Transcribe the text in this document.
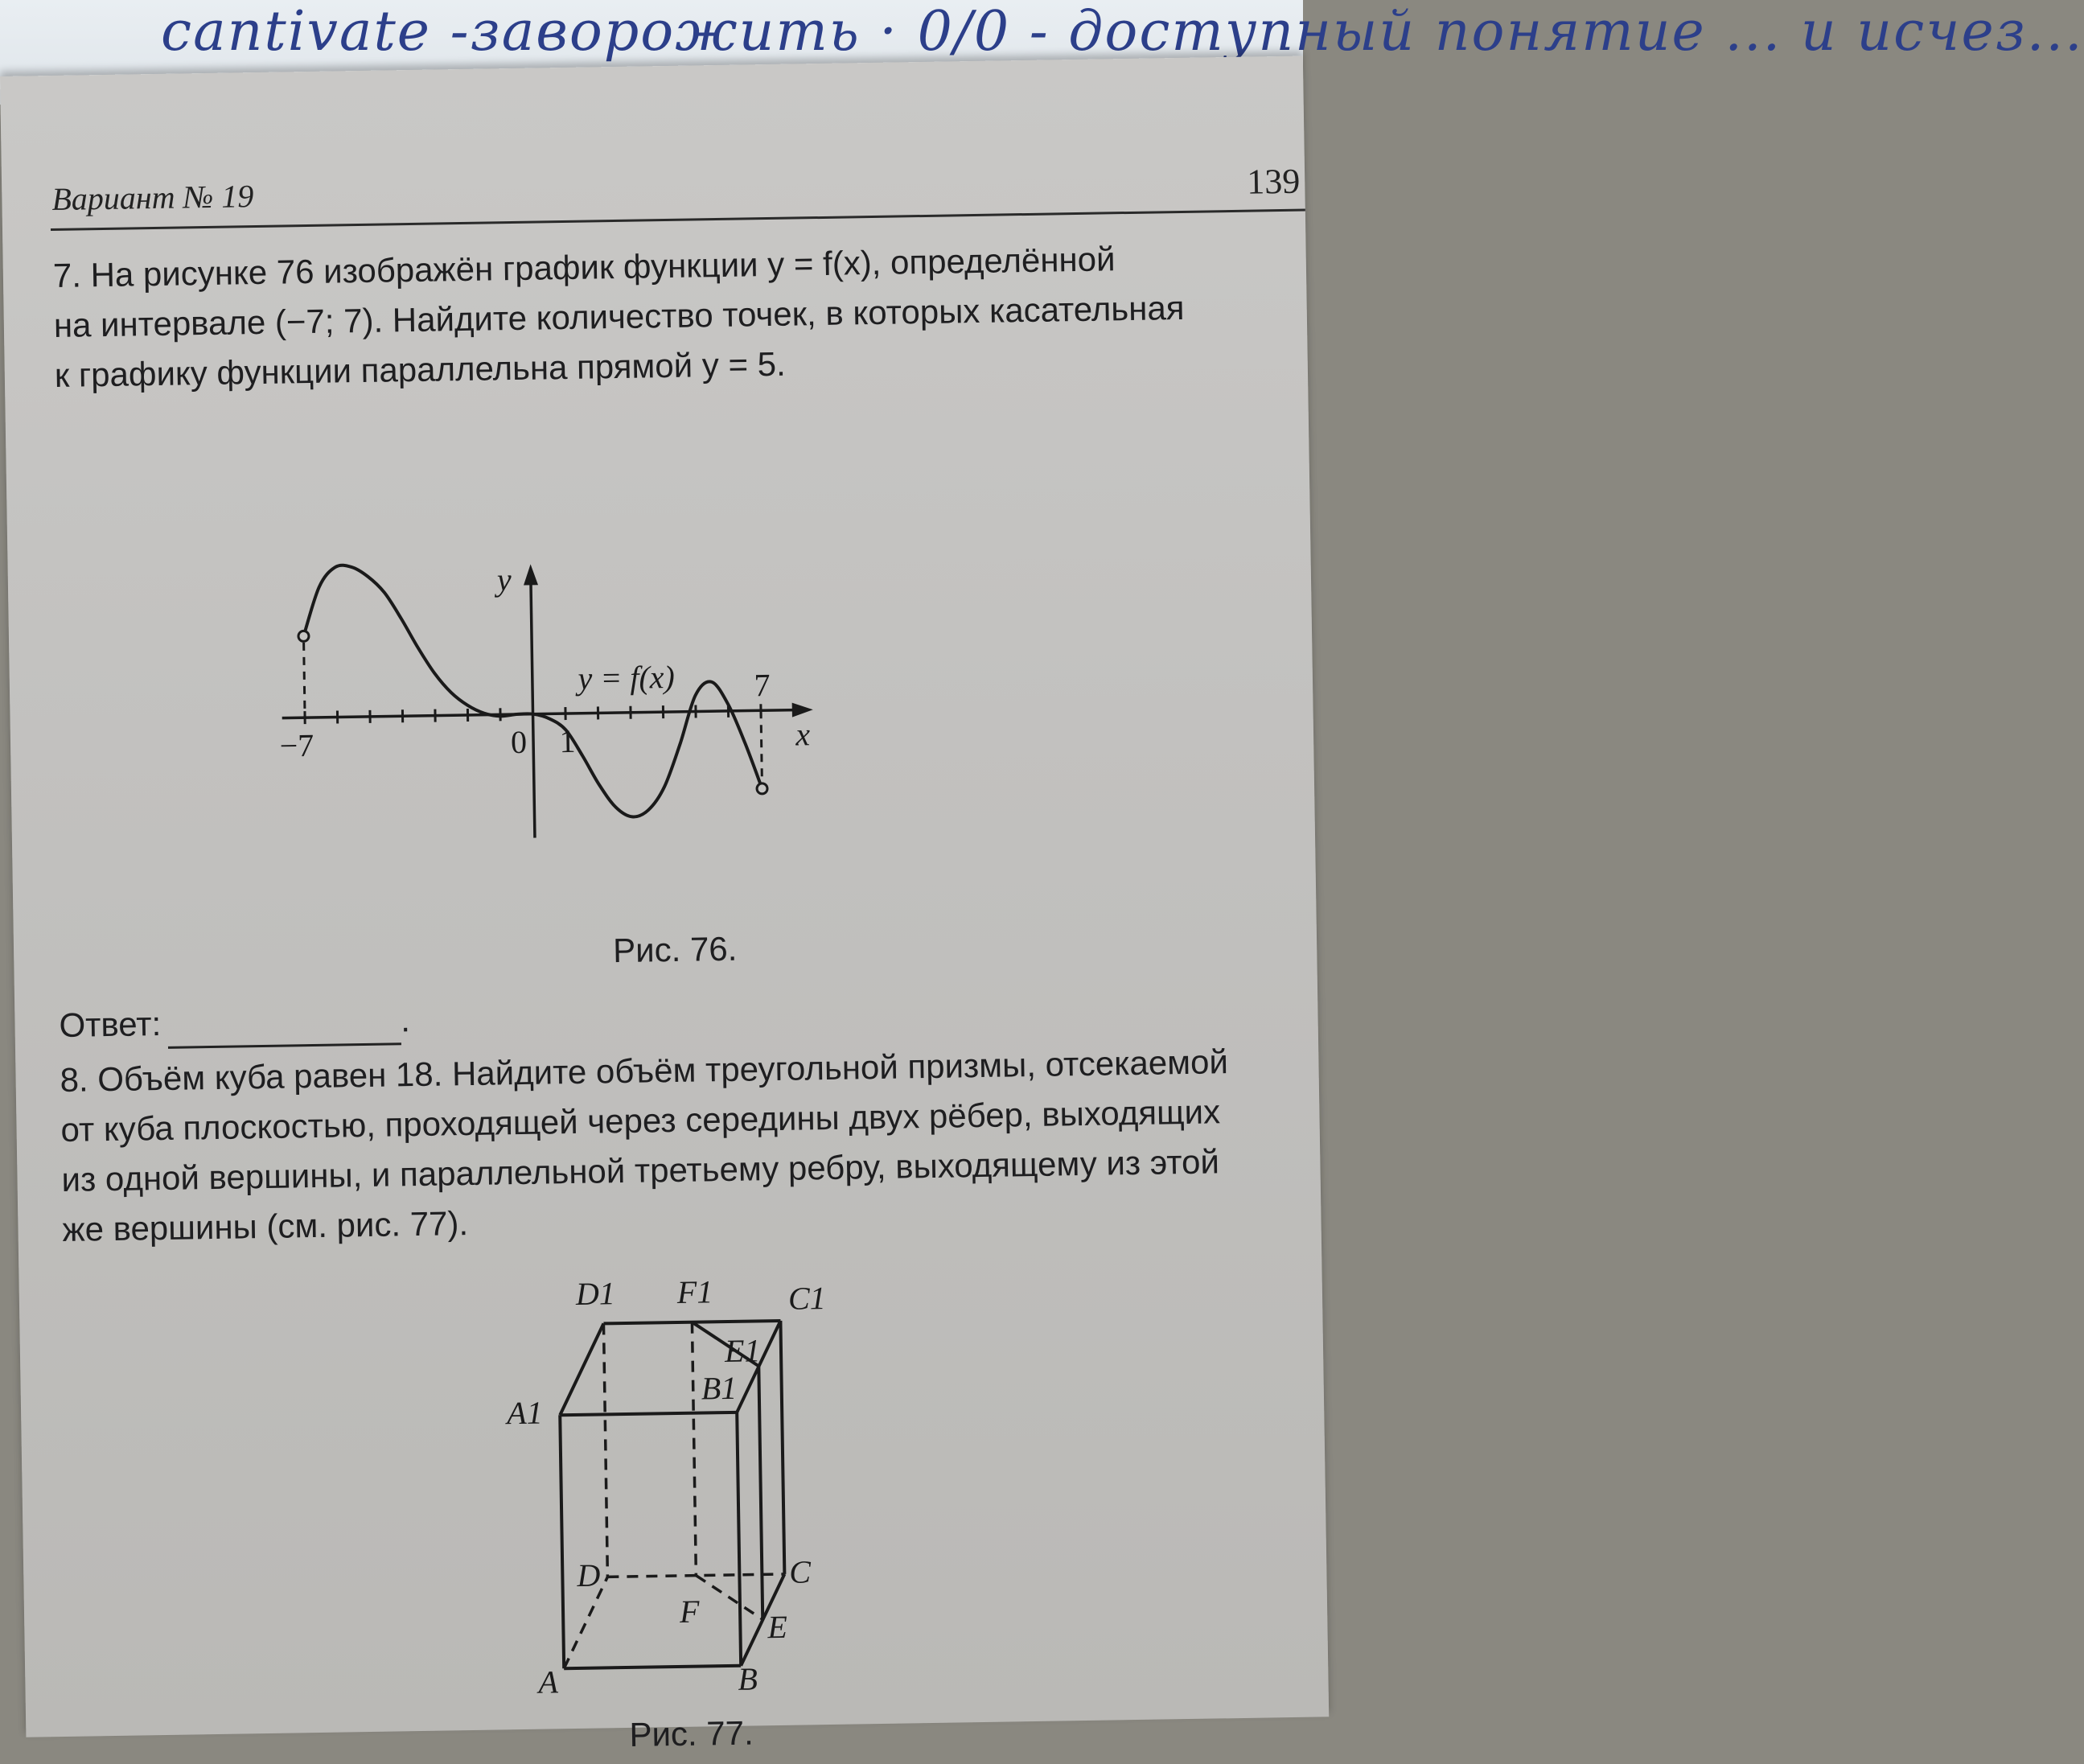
cantivate -заворожить · 0/0 - доступный понятие ... и исчез...
Вариант № 19	139
7. На рисунке 76 изображён график функции y = f(x), определённой
на интервале (−7; 7). Найдите количество точек, в которых касательная
к графику функции параллельна прямой y = 5.
x
y
−7	0 1
7
y = f(x)
Рис. 76.
Ответ:	.
8. Объём куба равен 18. Найдите объём треугольной призмы, отсекаемой
от куба плоскостью, проходящей через середины двух рёбер, выходящих
из одной вершины, и параллельной третьему ребру, выходящему из этой
же вершины (см. рис. 77).
D1 F1 C1
E1
B1
A1
D
F
C
E
A	B
Рис. 77.
